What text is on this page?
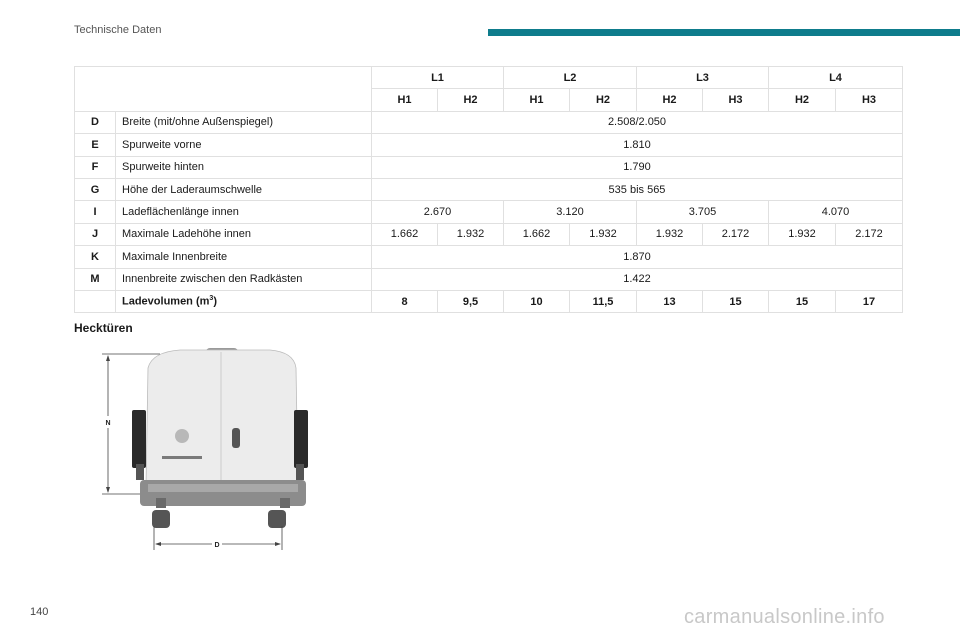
Technische Daten
		L1		L2		L3		L4	
		H1	H2	H1	H2	H2	H3	H2	H3
D	Breite (mit/ohne Außenspiegel)	2.508/2.050							
E	Spurweite vorne	1.810							
F	Spurweite hinten	1.790							
G	Höhe der Laderaumschwelle	535 bis 565							
I	Ladeflächenlänge innen	2.670		3.120		3.705		4.070	
J	Maximale Ladehöhe innen	1.662	1.932	1.662	1.932	1.932	2.172	1.932	2.172
K	Maximale Innenbreite	1.870							
M	Innenbreite zwischen den Radkästen	1.422							
	Ladevolumen $(m^3)$	8	9,5	10	11,5	13	15	15	17
Hecktüren
N
D
140	carmanualsonline.info
